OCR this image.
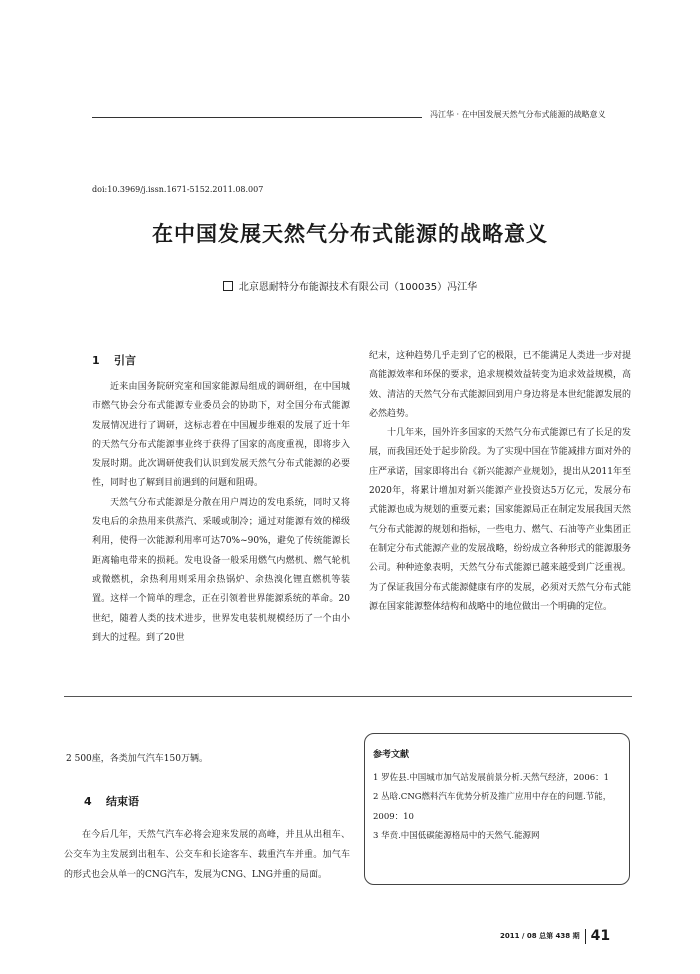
冯江华 · 在中国发展天然气分布式能源的战略意义
doi:10.3969/j.issn.1671-5152.2011.08.007
在中国发展天然气分布式能源的战略意义
北京恩耐特分布能源技术有限公司（100035）冯江华
1 引言

近来由国务院研究室和国家能源局组成的调研组，在中国城市燃气协会分布式能源专业委员会的协助下，对全国分布式能源发展情况进行了调研，这标志着在中国履步维艰的发展了近十年的天然气分布式能源事业终于获得了国家的高度重视，即将步入发展时期。此次调研使我们认识到发展天然气分布式能源的必要性，同时也了解到目前遇到的问题和阻碍。

天然气分布式能源是分散在用户周边的发电系统，同时又将发电后的余热用来供蒸汽、采暖或制冷；通过对能源有效的梯级利用，使得一次能源利用率可达70%~90%，避免了传统能源长距离输电带来的损耗。发电设备一般采用燃气内燃机、燃气轮机或微燃机，余热利用则采用余热锅炉、余热溴化锂直燃机等装置。这样一个简单的理念，正在引领着世界能源系统的革命。20世纪，随着人类的技术进步，世界发电装机规模经历了一个由小到大的过程。到了20世

纪末，这种趋势几乎走到了它的极限，已不能满足人类进一步对提高能源效率和环保的要求，追求规模效益转变为追求效益规模，高效、清洁的天然气分布式能源回到用户身边将是本世纪能源发展的必然趋势。

十几年来，国外许多国家的天然气分布式能源已有了长足的发展，而我国还处于起步阶段。为了实现中国在节能减排方面对外的庄严承诺，国家即将出台《新兴能源产业规划》，提出从2011年至2020年，将累计增加对新兴能源产业投资达5万亿元，发展分布式能源也成为规划的重要元素；国家能源局正在制定发展我国天然气分布式能源的规划和指标，一些电力、燃气、石油等产业集团正在制定分布式能源产业的发展战略，纷纷成立各种形式的能源服务公司。种种迹象表明，天然气分布式能源已越来越受到广泛重视。为了保证我国分布式能源健康有序的发展，必须对天然气分布式能源在国家能源整体结构和战略中的地位做出一个明确的定位。

2 500座，各类加气汽车150万辆。

4 结束语

在今后几年，天然气汽车必将会迎来发展的高峰，并且从出租车、公交车为主发展到出租车、公交车和长途客车、载重汽车并重。加气车的形式也会从单一的CNG汽车，发展为CNG、LNG并重的局面。

参考文献

1 罗佐县.中国城市加气站发展前景分析.天然气经济，2006：1

2 丛晗.CNG燃料汽车优势分析及推广应用中存在的问题.节能，2009：10

3 华贲.中国低碳能源格局中的天然气.能源网

2011 / 08 总第 438 期 41
